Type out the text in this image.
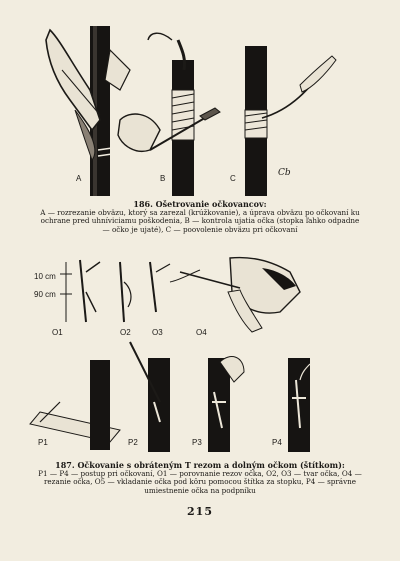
A	B	C
Cb
186. Ošetrovanie očkovancov:
A — rozrezanie obväzu, ktorý sa zarezal (krúžkovanie), a úprava obväzu po očkovaní ku ochrane pred uhníviciamu poškodenia, B — kontrola ujatia očka (stopka ľahko odpadne — očko je ujaté), C — poovolenie obväzu pri očkovaní
10 cm
90 cm
O1	O2	O3	O4
P1	P2	P3	P4
187. Očkovanie s obráteným T rezom a dolným očkom (štítkom):
P1 — P4 — postup pri očkovaní, O1 — porovnanie rezov očka, O2, O3 — tvar očka, O4 — rezanie očka, O5 — vkladanie očka pod kôru pomocou štítka za stopku, P4 — správne umiestnenie očka na podpníku
215
